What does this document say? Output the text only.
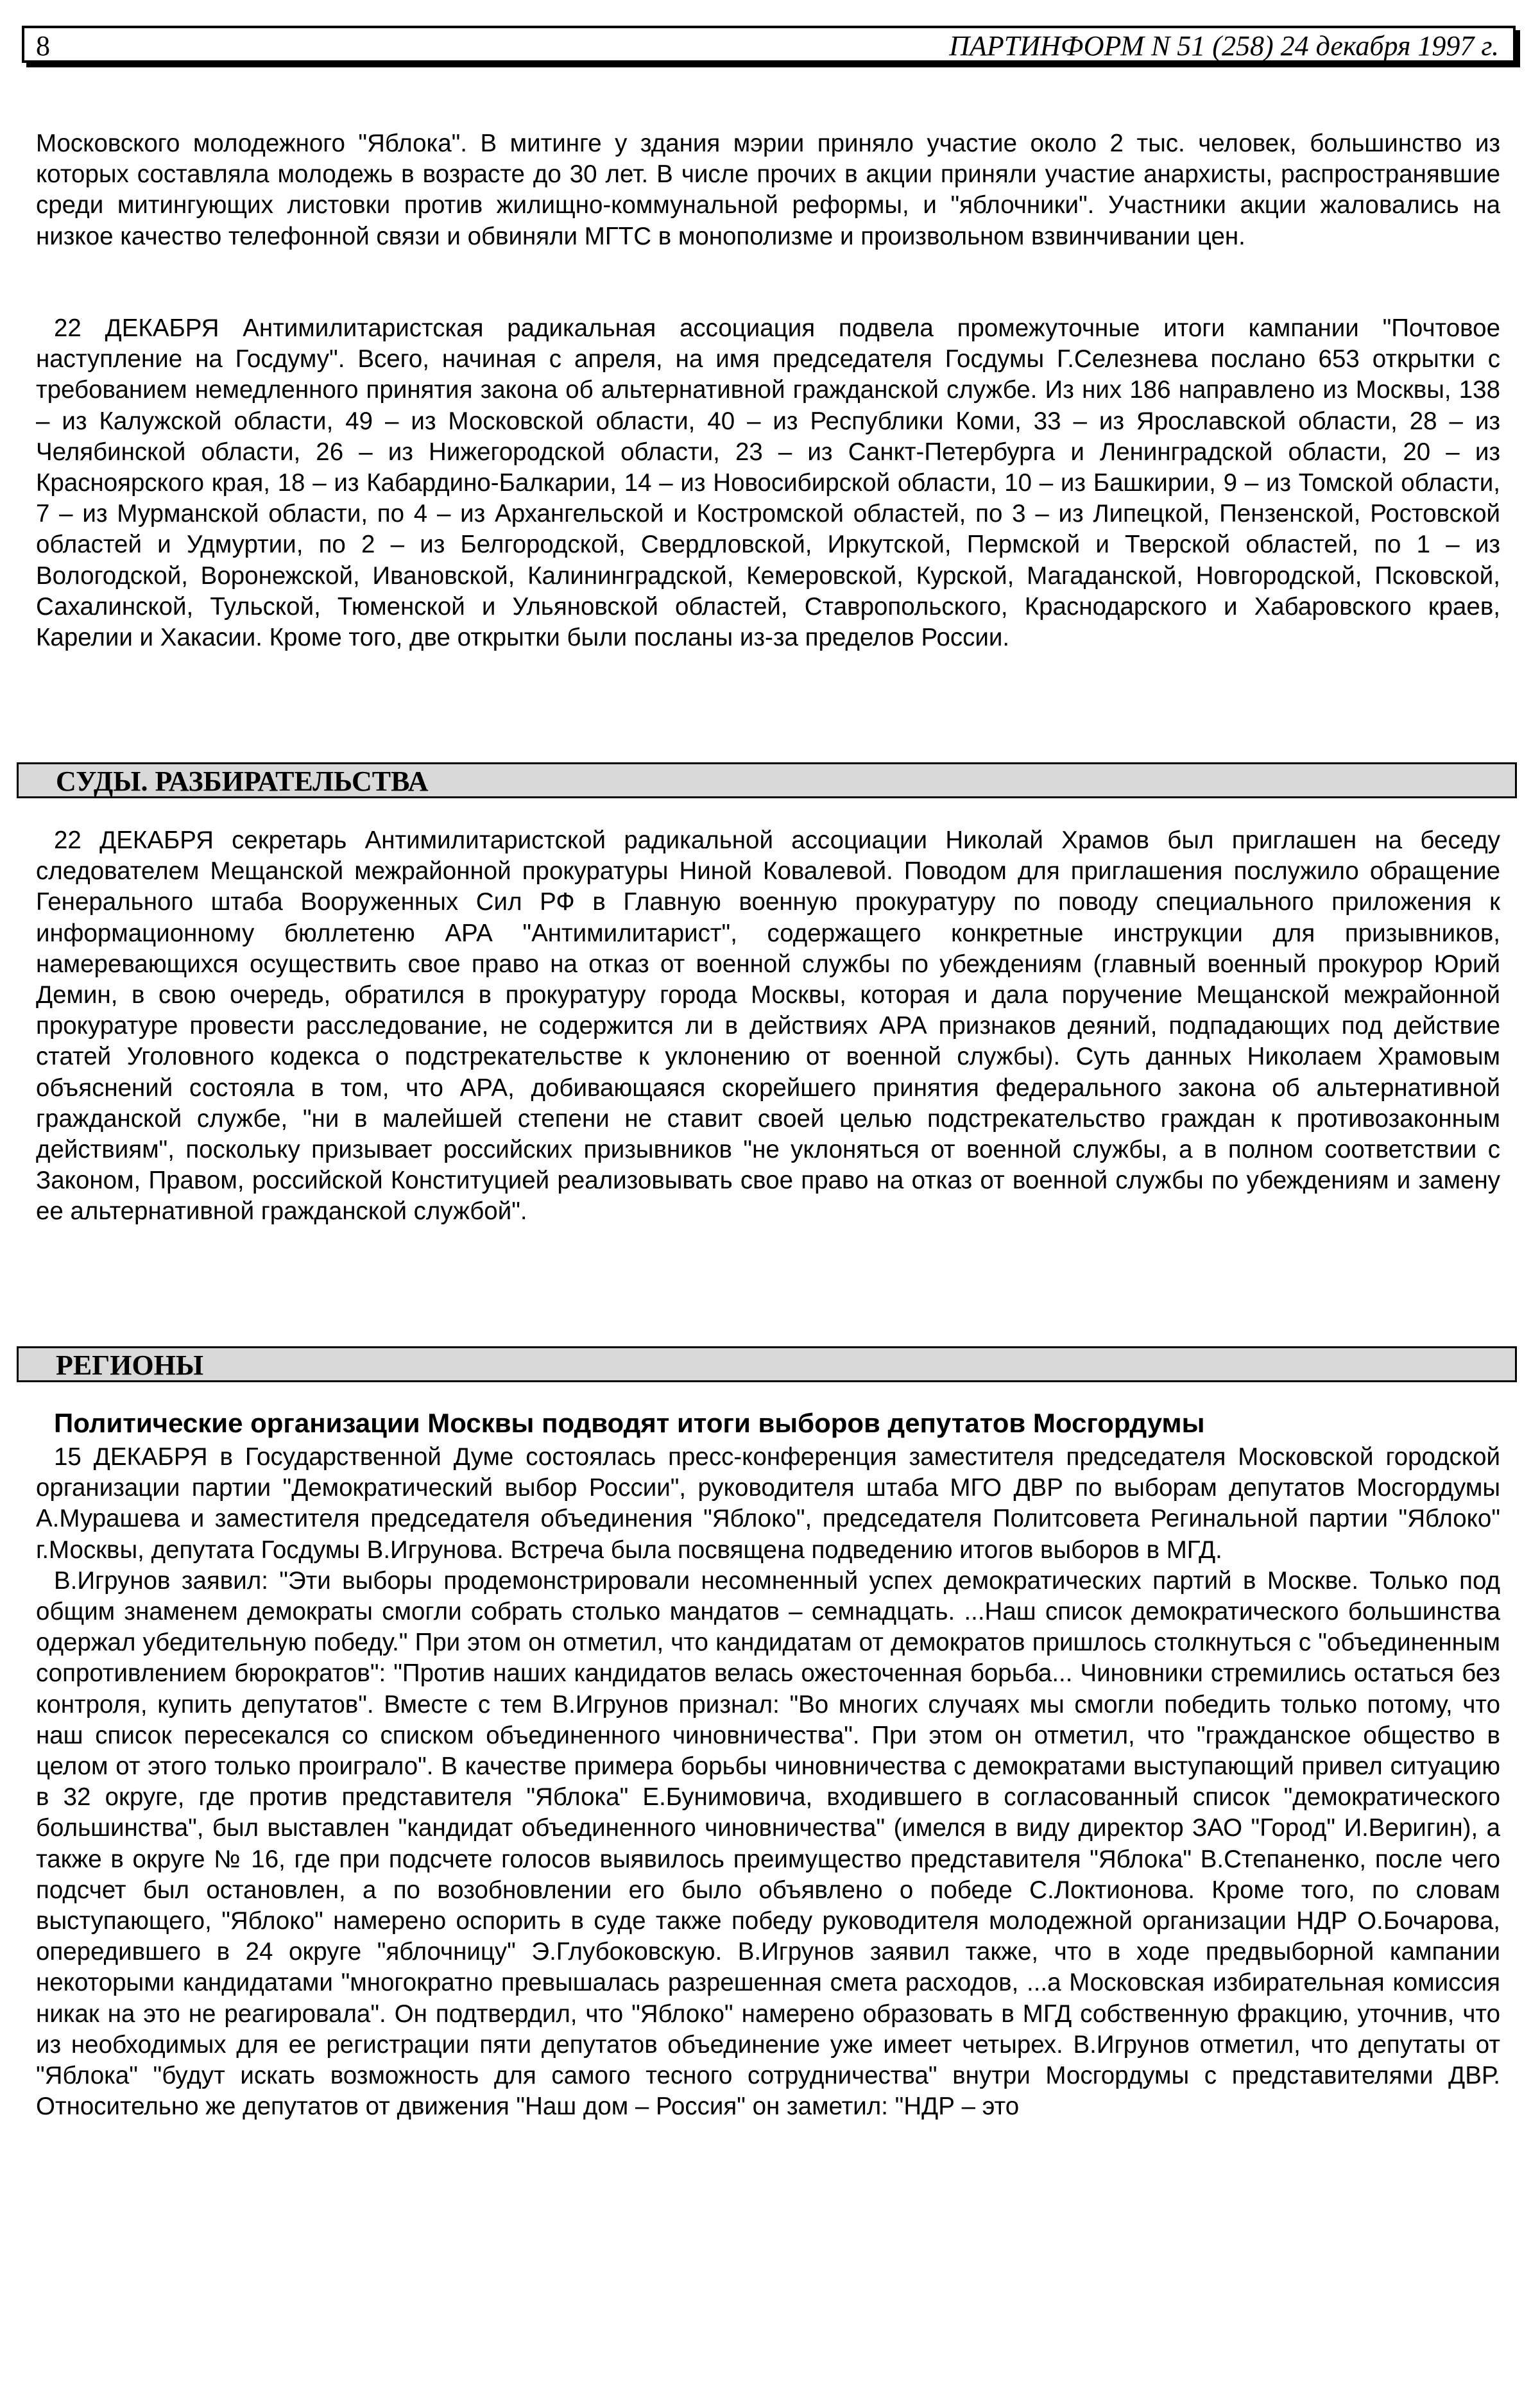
8	ПАРТИНФОРМ N 51 (258) 24 декабря 1997 г.

Московского молодежного "Яблока". В митинге у здания мэрии приняло участие около 2 тыс. человек, большинство из которых составляла молодежь в возрасте до 30 лет. В числе прочих в акции приняли участие анархисты, распространявшие среди митингующих листовки против жилищно-коммунальной реформы, и "яблочники". Участники акции жаловались на низкое качество телефонной связи и обвиняли МГТС в монополизме и произвольном взвинчивании цен.

22 ДЕКАБРЯ Антимилитаристская радикальная ассоциация подвела промежуточные итоги кампании "Почтовое наступление на Госдуму". Всего, начиная с апреля, на имя председателя Госдумы Г.Селезнева послано 653 открытки с требованием немедленного принятия закона об альтернативной гражданской службе. Из них 186 направлено из Москвы, 138 – из Калужской области, 49 – из Московской области, 40 – из Республики Коми, 33 – из Ярославской области, 28 – из Челябинской области, 26 – из Нижегородской области, 23 – из Санкт-Петербурга и Ленинградской области, 20 – из Красноярского края, 18 – из Кабардино-Балкарии, 14 – из Новосибирской области, 10 – из Башкирии, 9 – из Томской области, 7 – из Мурманской области, по 4 – из Архангельской и Костромской областей, по 3 – из Липецкой, Пензенской, Ростовской областей и Удмуртии, по 2 – из Белгородской, Свердловской, Иркутской, Пермской и Тверской областей, по 1 – из Вологодской, Воронежской, Ивановской, Калининградской, Кемеровской, Курской, Магаданской, Новгородской, Псковской, Сахалинской, Тульской, Тюменской и Ульяновской областей, Ставропольского, Краснодарского и Хабаровского краев, Карелии и Хакасии. Кроме того, две открытки были посланы из-за пределов России.

СУДЫ. РАЗБИРАТЕЛЬСТВА

22 ДЕКАБРЯ секретарь Антимилитаристской радикальной ассоциации Николай Храмов был приглашен на беседу следователем Мещанской межрайонной прокуратуры Ниной Ковалевой. Поводом для приглашения послужило обращение Генерального штаба Вооруженных Сил РФ в Главную военную прокуратуру по поводу специального приложения к информационному бюллетеню АРА "Антимилитарист", содержащего конкретные инструкции для призывников, намеревающихся осуществить свое право на отказ от военной службы по убеждениям (главный военный прокурор Юрий Демин, в свою очередь, обратился в прокуратуру города Москвы, которая и дала поручение Мещанской межрайонной прокуратуре провести расследование, не содержится ли в действиях АРА признаков деяний, подпадающих под действие статей Уголовного кодекса о подстрекательстве к уклонению от военной службы). Суть данных Николаем Храмовым объяснений состояла в том, что АРА, добивающаяся скорейшего принятия федерального закона об альтернативной гражданской службе, "ни в малейшей степени не ставит своей целью подстрекательство граждан к противозаконным действиям", поскольку призывает российских призывников "не уклоняться от военной службы, а в полном соответствии с Законом, Правом, российской Конституцией реализовывать свое право на отказ от военной службы по убеждениям и замену ее альтернативной гражданской службой".

РЕГИОНЫ
Политические организации Москвы подводят итоги выборов депутатов Мосгордумы

15 ДЕКАБРЯ в Государственной Думе состоялась пресс-конференция заместителя председателя Московской городской организации партии "Демократический выбор России", руководителя штаба МГО ДВР по выборам депутатов Мосгордумы А.Мурашева и заместителя председателя объединения "Яблоко", председателя Политсовета Регинальной партии "Яблоко" г.Москвы, депутата Госдумы В.Игрунова. Встреча была посвящена подведению итогов выборов в МГД.

В.Игрунов заявил: "Эти выборы продемонстрировали несомненный успех демократических партий в Москве. Только под общим знаменем демократы смогли собрать столько мандатов – семнадцать. ...Наш список демократического большинства одержал убедительную победу." При этом он отметил, что кандидатам от демократов пришлось столкнуться с "объединенным сопротивлением бюрократов": "Против наших кандидатов велась ожесточенная борьба... Чиновники стремились остаться без контроля, купить депутатов". Вместе с тем В.Игрунов признал: "Во многих случаях мы смогли победить только потому, что наш список пересекался со списком объединенного чиновничества". При этом он отметил, что "гражданское общество в целом от этого только проиграло". В качестве примера борьбы чиновничества с демократами выступающий привел ситуацию в 32 округе, где против представителя "Яблока" Е.Бунимовича, входившего в согласованный список "демократического большинства", был выставлен "кандидат объединенного чиновничества" (имелся в виду директор ЗАО "Город" И.Веригин), а также в округе № 16, где при подсчете голосов выявилось преимущество представителя "Яблока" В.Степаненко, после чего подсчет был остановлен, а по возобновлении его было объявлено о победе С.Локтионова. Кроме того, по словам выступающего, "Яблоко" намерено оспорить в суде также победу руководителя молодежной организации НДР О.Бочарова, опередившего в 24 округе "яблочницу" Э.Глубоковскую. В.Игрунов заявил также, что в ходе предвыборной кампании некоторыми кандидатами "многократно превышалась разрешенная смета расходов, ...а Московская избирательная комиссия никак на это не реагировала". Он подтвердил, что "Яблоко" намерено образовать в МГД собственную фракцию, уточнив, что из необходимых для ее регистрации пяти депутатов объединение уже имеет четырех. В.Игрунов отметил, что депутаты от "Яблока" "будут искать возможность для самого тесного сотрудничества" внутри Мосгордумы с представителями ДВР. Относительно же депутатов от движения "Наш дом – Россия" он заметил: "НДР – это
